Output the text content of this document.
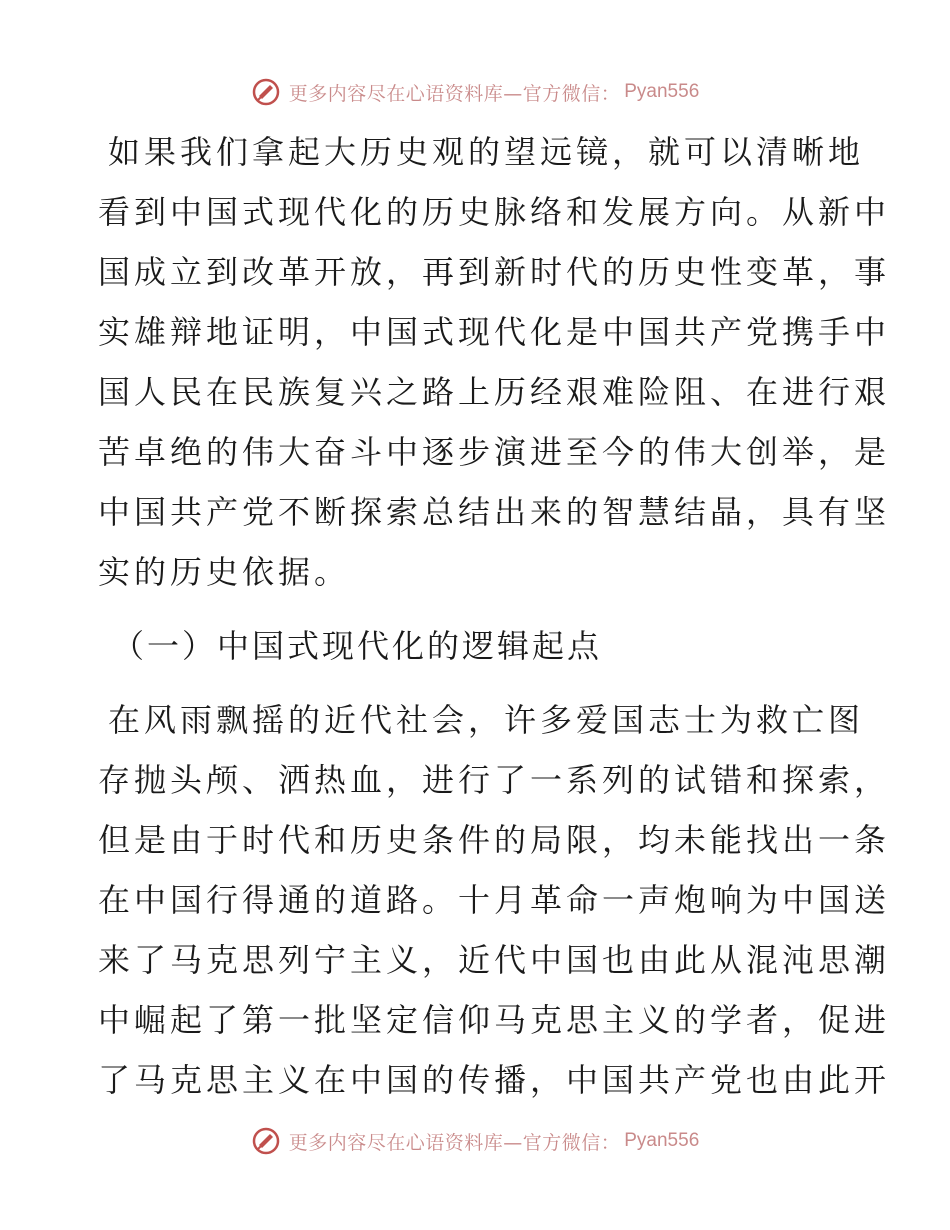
更多内容尽在心语资料库—官方微信： Pyan556
如果我们拿起大历史观的望远镜，就可以清晰地
看到中国式现代化的历史脉络和发展方向。从新中
国成立到改革开放，再到新时代的历史性变革，事
实雄辩地证明，中国式现代化是中国共产党携手中
国人民在民族复兴之路上历经艰难险阻、在进行艰
苦卓绝的伟大奋斗中逐步演进至今的伟大创举，是
中国共产党不断探索总结出来的智慧结晶，具有坚
实的历史依据。
（一）中国式现代化的逻辑起点
在风雨飘摇的近代社会，许多爱国志士为救亡图
存抛头颅、洒热血，进行了一系列的试错和探索，
但是由于时代和历史条件的局限，均未能找出一条
在中国行得通的道路。十月革命一声炮响为中国送
来了马克思列宁主义，近代中国也由此从混沌思潮
中崛起了第一批坚定信仰马克思主义的学者，促进
了马克思主义在中国的传播，中国共产党也由此开
更多内容尽在心语资料库—官方微信： Pyan556
